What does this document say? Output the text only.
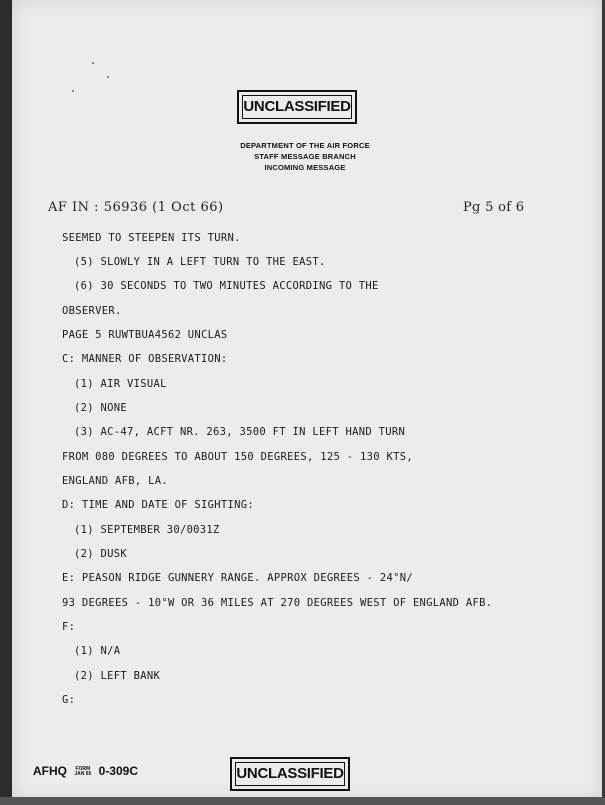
UNCLASSIFIED
DEPARTMENT OF THE AIR FORCE
STAFF MESSAGE BRANCH
INCOMING MESSAGE
AF IN : 56936 (1 Oct 66)	Pg 5 of 6
SEEMED TO STEEPEN ITS TURN.
(5) SLOWLY IN A LEFT TURN TO THE EAST.
(6) 30 SECONDS TO TWO MINUTES ACCORDING TO THE
OBSERVER.
PAGE 5 RUWTBUA4562 UNCLAS
C: MANNER OF OBSERVATION:
(1) AIR VISUAL
(2) NONE
(3) AC-47, ACFT NR. 263, 3500 FT IN LEFT HAND TURN
FROM 080 DEGREES TO ABOUT 150 DEGREES, 125 - 130 KTS,
ENGLAND AFB, LA.
D: TIME AND DATE OF SIGHTING:
(1) SEPTEMBER 30/0031Z
(2) DUSK
E: PEASON RIDGE GUNNERY RANGE. APPROX DEGREES - 24°N/
93 DEGREES - 10°W OR 36 MILES AT 270 DEGREES WEST OF ENGLAND AFB.
F:
(1) N/A
(2) LEFT BANK
G:
AFHQ FORM
JAN 65 0-309C	UNCLASSIFIED
